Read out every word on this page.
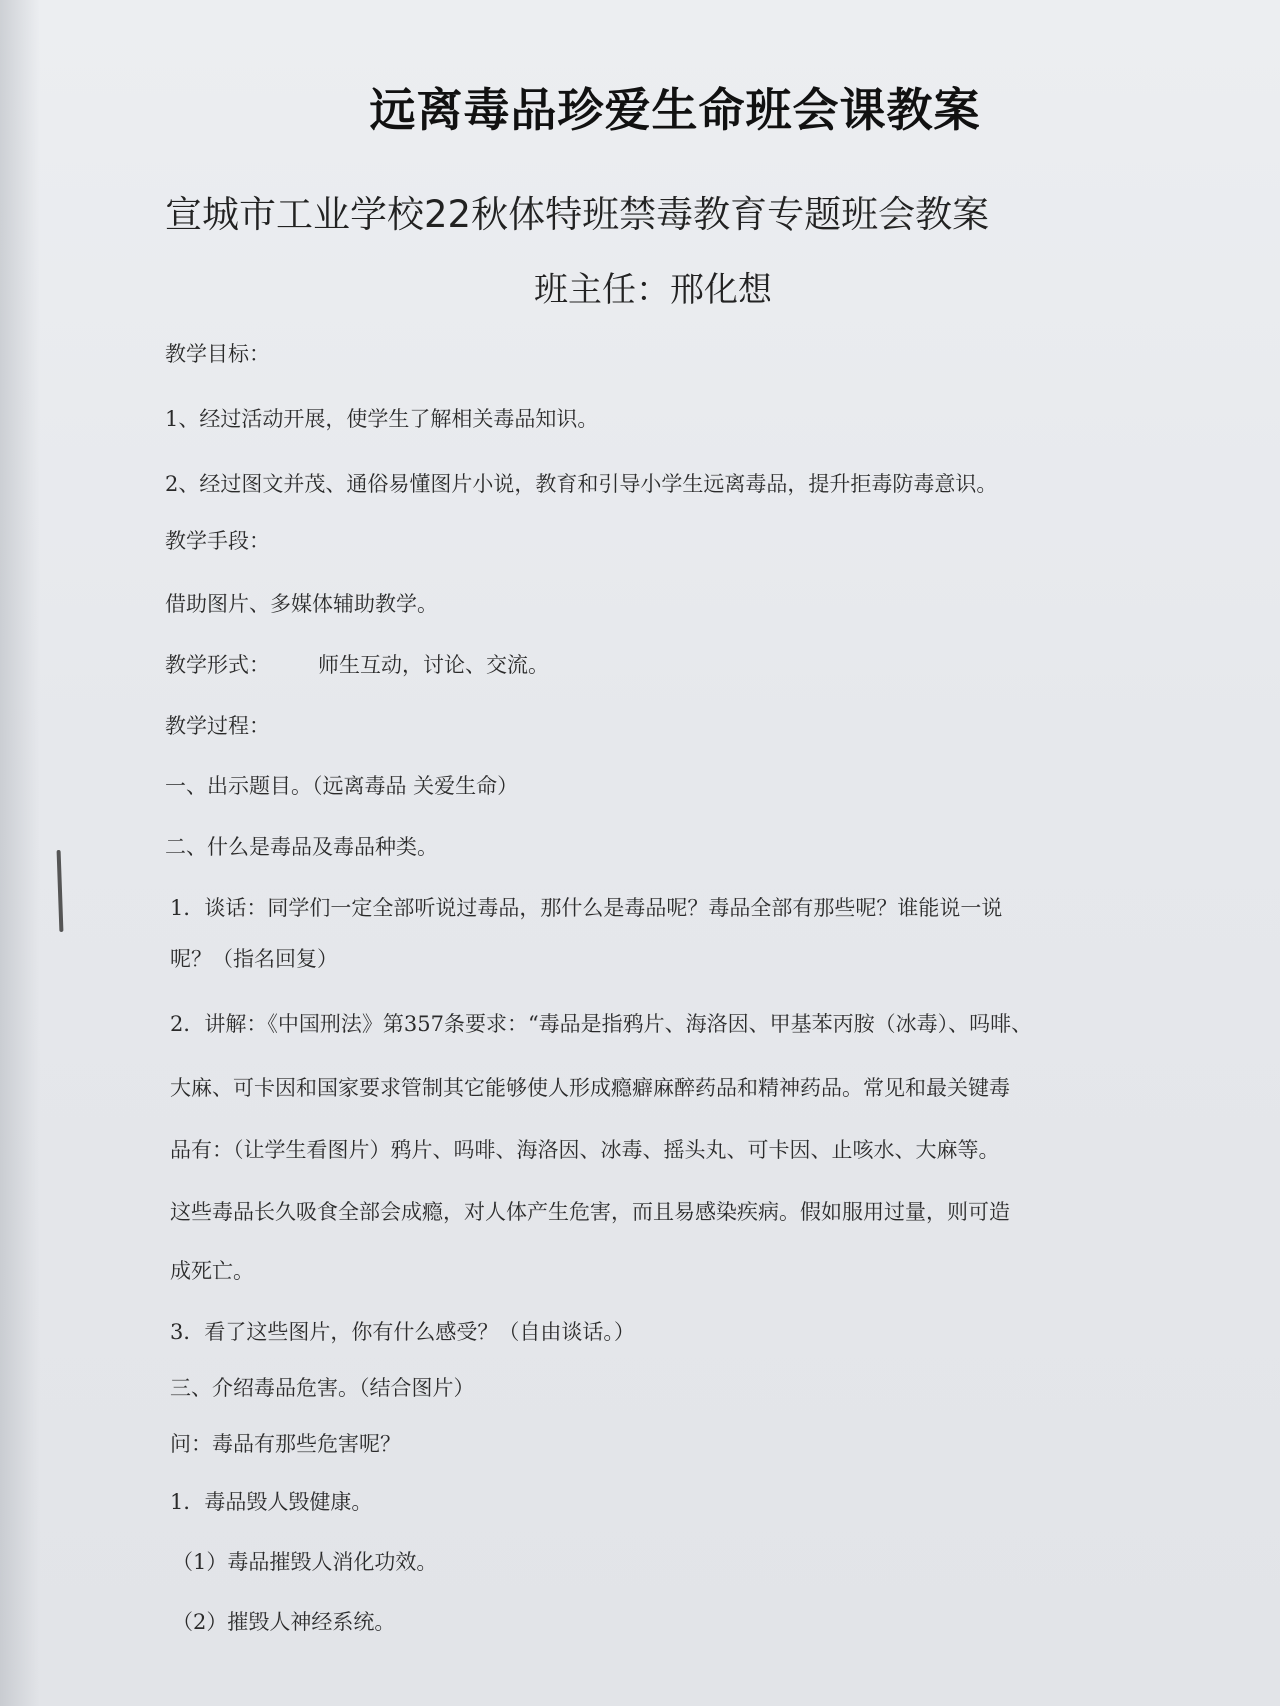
远离毒品珍爱生命班会课教案
宣城市工业学校22秋体特班禁毒教育专题班会教案
班主任：邢化想
教学目标：
1、经过活动开展，使学生了解相关毒品知识。
2、经过图文并茂、通俗易懂图片小说，教育和引导小学生远离毒品，提升拒毒防毒意识。
教学手段：
借助图片、多媒体辅助教学。
教学形式： 师生互动，讨论、交流。
教学过程：
一、出示题目。（远离毒品 关爱生命）
二、什么是毒品及毒品种类。
1．谈话：同学们一定全部听说过毒品，那什么是毒品呢？毒品全部有那些呢？谁能说一说
呢？（指名回复）
2．讲解：《中国刑法》第357条要求：“毒品是指鸦片、海洛因、甲基苯丙胺（冰毒）、吗啡、
大麻、可卡因和国家要求管制其它能够使人形成瘾癖麻醉药品和精神药品。常见和最关键毒
品有：（让学生看图片）鸦片、吗啡、海洛因、冰毒、摇头丸、可卡因、止咳水、大麻等。
这些毒品长久吸食全部会成瘾，对人体产生危害，而且易感染疾病。假如服用过量，则可造
成死亡。
3．看了这些图片，你有什么感受？（自由谈话。）
三、介绍毒品危害。（结合图片）
问：毒品有那些危害呢？
1．毒品毁人毁健康。
（1）毒品摧毁人消化功效。
（2）摧毁人神经系统。
